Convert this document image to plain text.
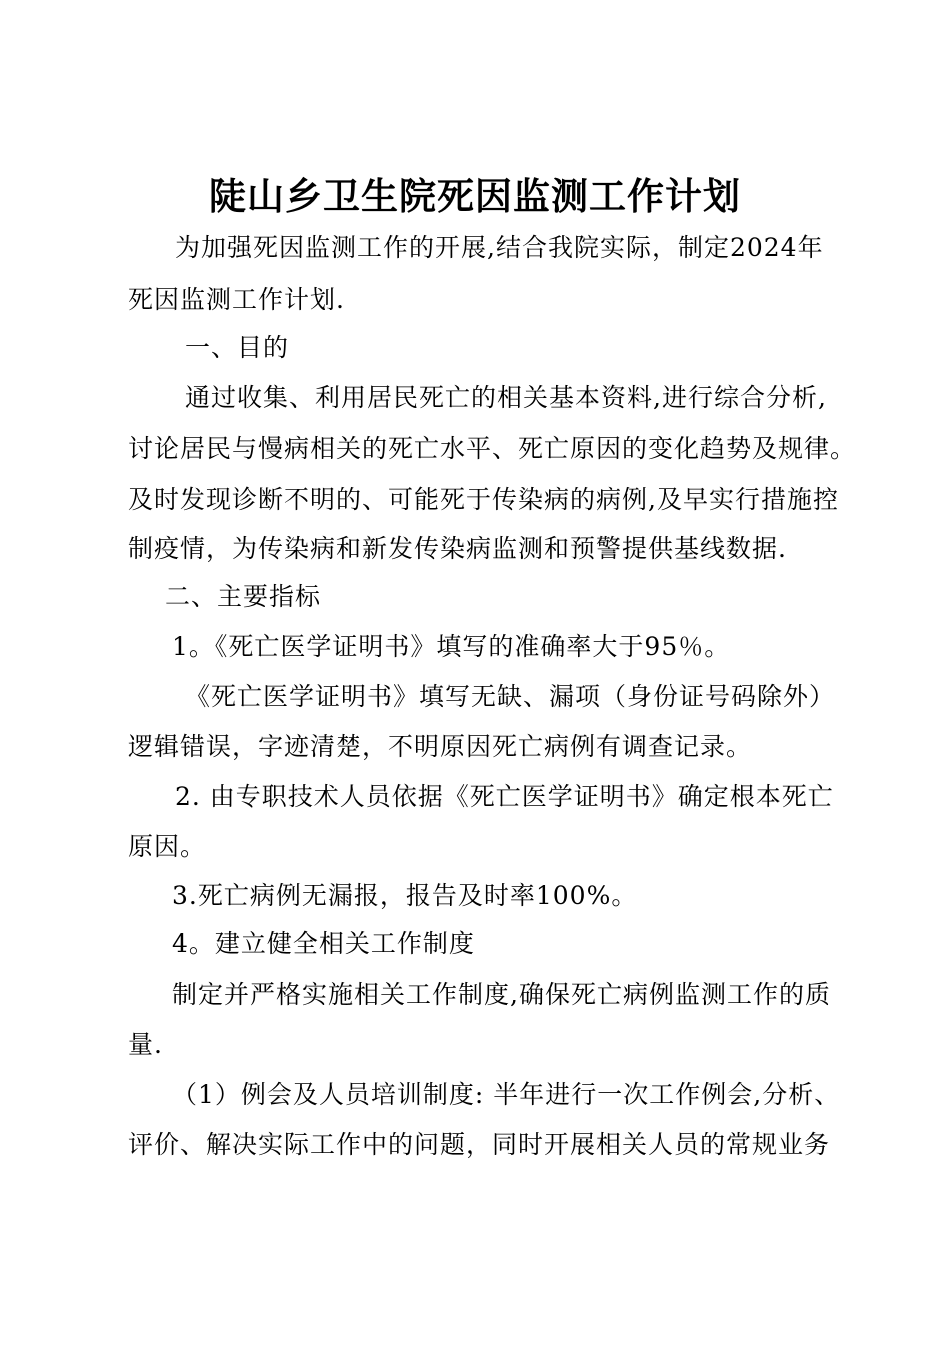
陡山乡卫生院死因监测工作计划
为加强死因监测工作的开展,结合我院实际，制定2024年
死因监测工作计划.
一、目的
通过收集、利用居民死亡的相关基本资料,进行综合分析,
讨论居民与慢病相关的死亡水平、死亡原因的变化趋势及规律。
及时发现诊断不明的、可能死于传染病的病例,及早实行措施控
制疫情，为传染病和新发传染病监测和预警提供基线数据.
二、主要指标
1。《死亡医学证明书》填写的准确率大于95％。
《死亡医学证明书》填写无缺、漏项（身份证号码除外）
逻辑错误，字迹清楚，不明原因死亡病例有调查记录。
2. 由专职技术人员依据《死亡医学证明书》确定根本死亡
原因。
3.死亡病例无漏报，报告及时率100%。
4。建立健全相关工作制度
制定并严格实施相关工作制度,确保死亡病例监测工作的质
量.
（1）例会及人员培训制度: 半年进行一次工作例会,分析、
评价、解决实际工作中的问题，同时开展相关人员的常规业务
